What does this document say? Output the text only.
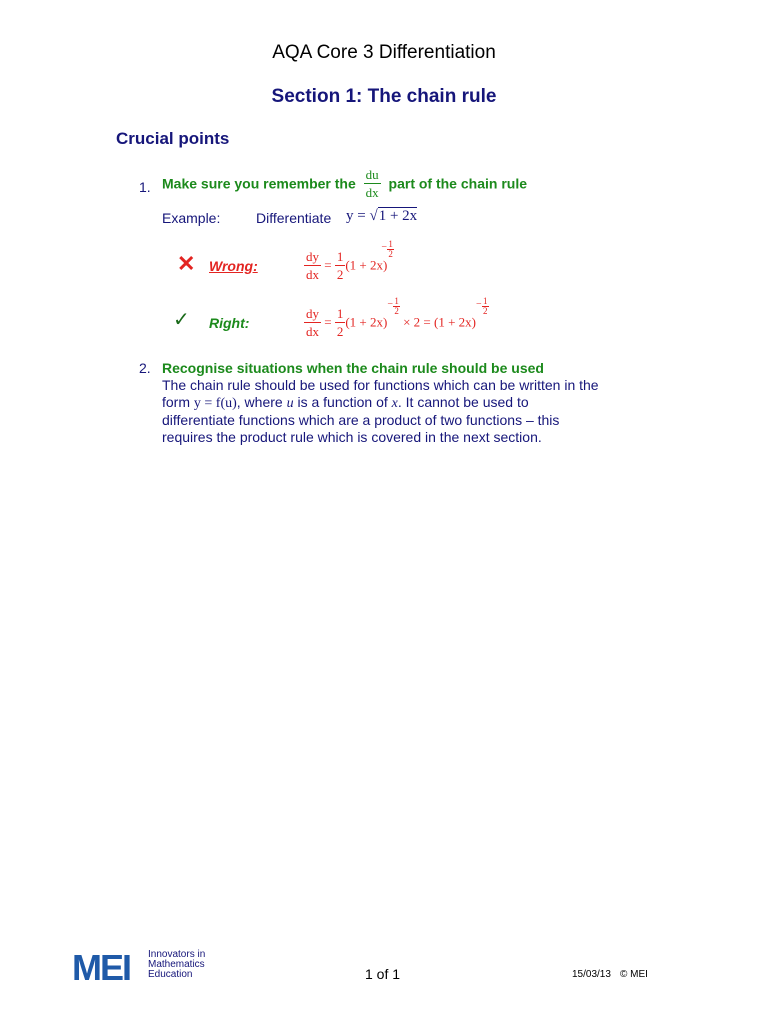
AQA Core 3 Differentiation
Section 1: The chain rule
Crucial points
1. Make sure you remember the $\frac{du}{dx}$ part of the chain rule
Example:	Differentiate y = √1 + 2x
✕ Wrong:	$\frac{dy}{dx} = \frac{1}{2} (1 + 2x)$
− 1
2
✓ Right:	$\frac{dy}{dx} = \frac{1}{2} (1 + 2x)$
− 1
2
× 2 = (1 + 2x)
− 1
2
2. Recognise situations when the chain rule should be used
The chain rule should be used for functions which can be written in the
form y = f(u), where u is a function of x. It cannot be used to
differentiate functions which are a product of two functions – this
requires the product rule which is covered in the next section.
MEI Innovators in
Mathematics
Education	1 of 1	15/03/13 © MEI
